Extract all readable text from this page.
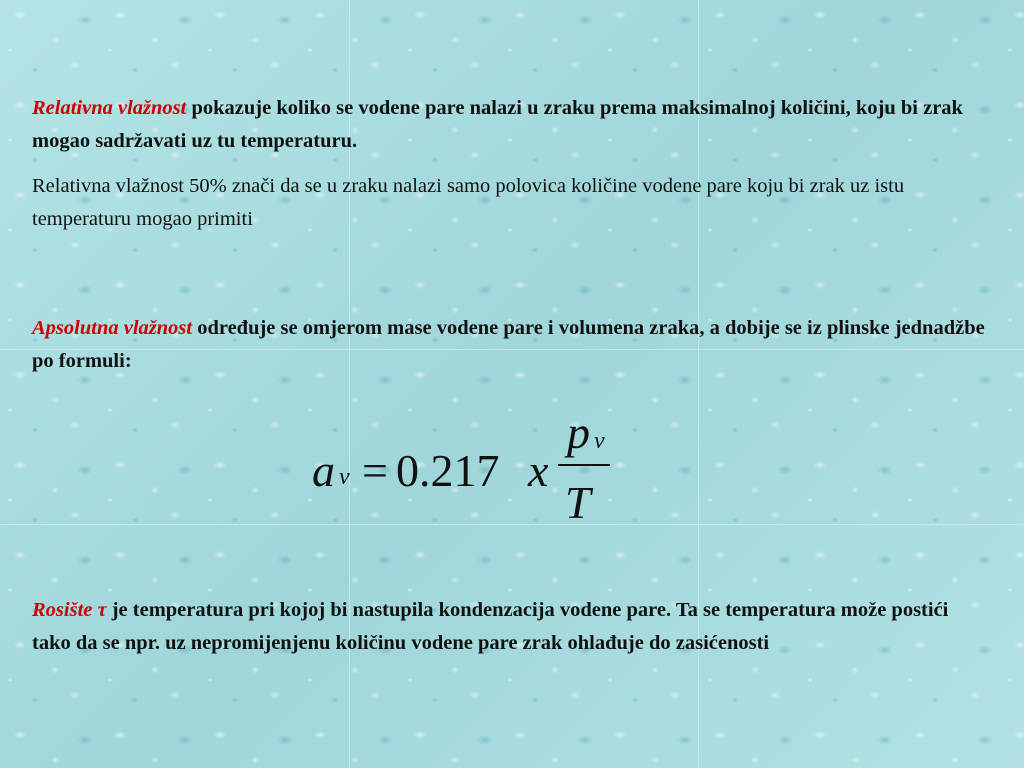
Relativna vlažnost pokazuje koliko se vodene pare nalazi u zraku prema maksimalnoj količini, koju bi zrak mogao sadržavati uz tu temperaturu.
Relativna vlažnost 50% znači da se u zraku nalazi samo polovica količine vodene pare koju bi zrak uz istu temperaturu mogao primiti
Apsolutna vlažnost određuje se omjerom mase vodene pare i volumena zraka, a dobije se iz plinske jednadžbe po formuli:
a v = 0.217 x
p v
T
Rosište τ je temperatura pri kojoj bi nastupila kondenzacija vodene pare. Ta se temperatura može postići tako da se npr. uz nepromijenjenu količinu vodene pare zrak ohlađuje do zasićenosti
